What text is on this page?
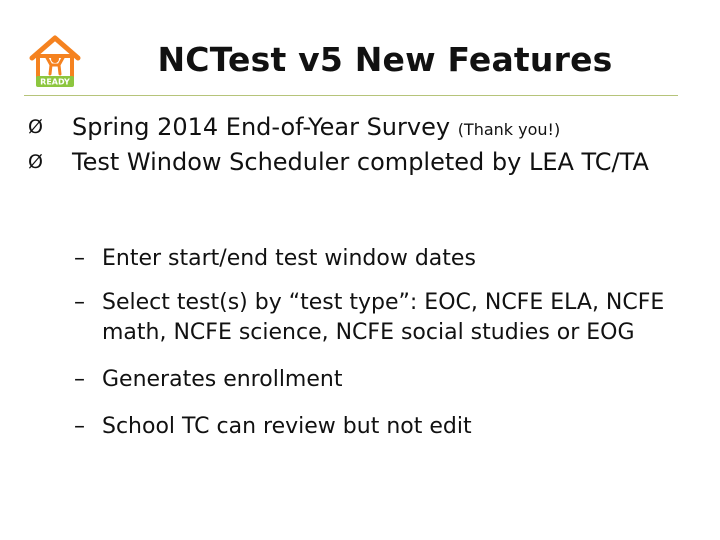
READY
NCTest v5 New Features
Ø	Spring 2014 End-of-Year Survey (Thank you!)
Ø	Test Window Scheduler completed by LEA TC/TA
– Enter start/end test window dates
– Select test(s) by “test type”: EOC, NCFE ELA, NCFE math, NCFE science, NCFE social studies or EOG
– Generates enrollment
– School TC can review but not edit
